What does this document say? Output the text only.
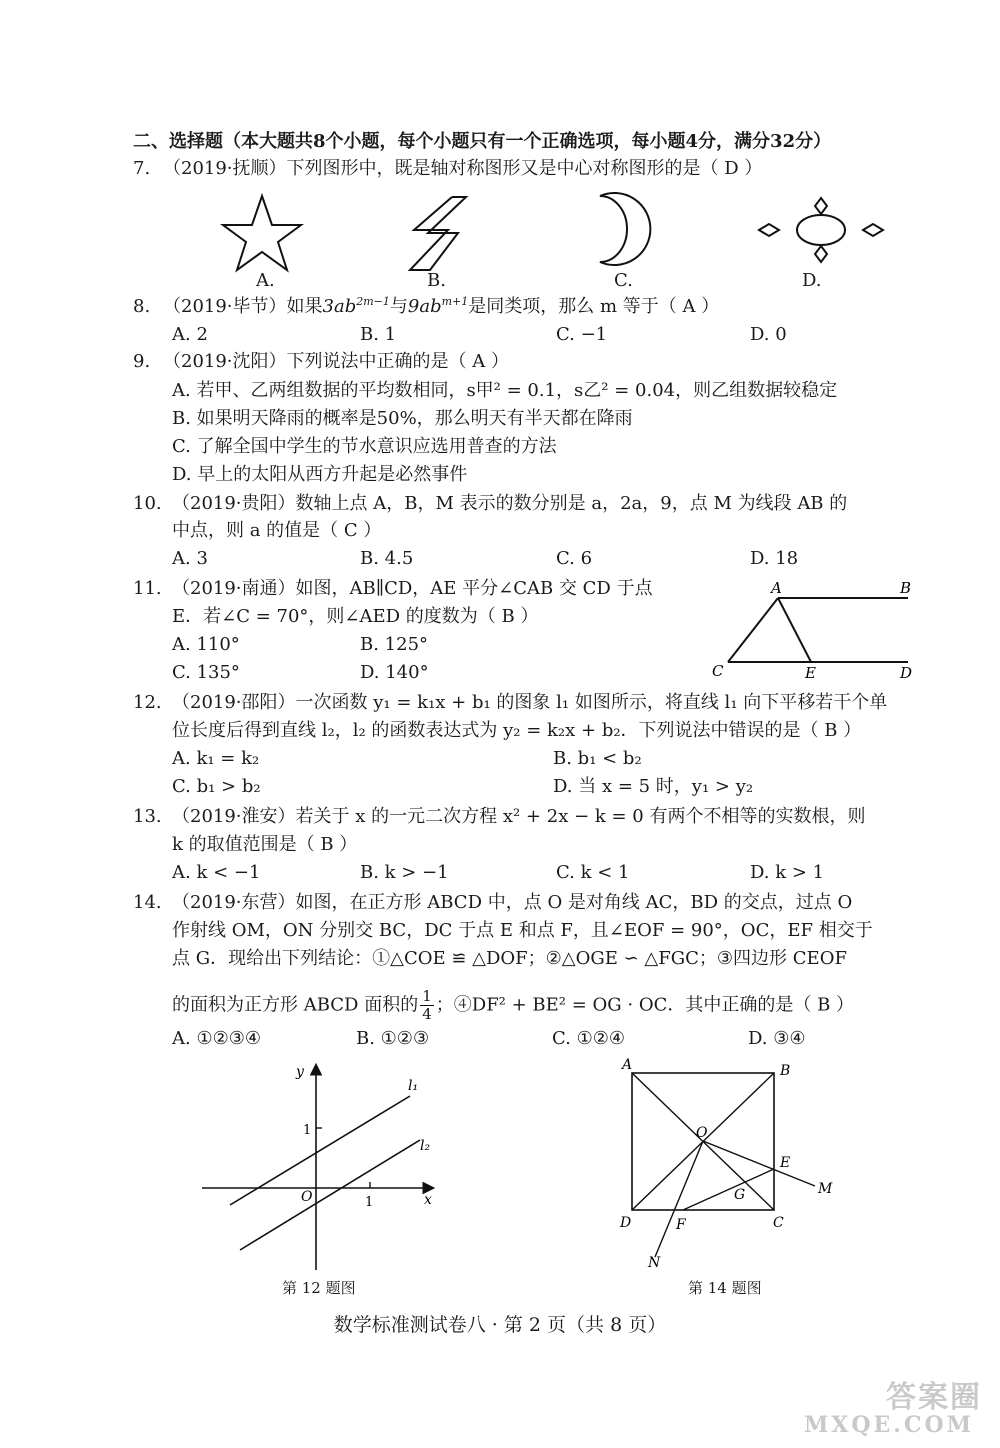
二、选择题（本大题共8个小题，每个小题只有一个正确选项，每小题4分，满分32分）
7. （2019·抚顺）下列图形中，既是轴对称图形又是中心对称图形的是（ D ）
A.	B.	C.	D.
8. （2019·毕节）如果$3ab^{2m-1}$与$9ab^{m+1}$是同类项，那么 m 等于（ A ）
A. 2	B. 1	C. −1	D. 0
9. （2019·沈阳）下列说法中正确的是（ A ）
A. 若甲、乙两组数据的平均数相同，s甲² = 0.1，s乙² = 0.04，则乙组数据较稳定
B. 如果明天降雨的概率是50%，那么明天有半天都在降雨
C. 了解全国中学生的节水意识应选用普查的方法
D. 早上的太阳从西方升起是必然事件
10. （2019·贵阳）数轴上点 A，B，M 表示的数分别是 a，2a，9，点 M 为线段 AB 的
中点，则 a 的值是（ C ）
A. 3	B. 4.5	C. 6	D. 18
11. （2019·南通）如图，AB∥CD，AE 平分∠CAB 交 CD 于点
E．若∠C = 70°，则∠AED 的度数为（ B ）
A. 110°	B. 125°
C. 135°	D. 140°
A	B
C	E	D
12. （2019·邵阳）一次函数 y₁ = k₁x + b₁ 的图象 l₁ 如图所示，将直线 l₁ 向下平移若干个单
位长度后得到直线 l₂，l₂ 的函数表达式为 y₂ = k₂x + b₂．下列说法中错误的是（ B ）
A. k₁ = k₂	B. b₁ < b₂
C. b₁ > b₂	D. 当 x = 5 时，y₁ > y₂
13. （2019·淮安）若关于 x 的一元二次方程 x² + 2x − k = 0 有两个不相等的实数根，则
k 的取值范围是（ B ）
A. k < −1	B. k > −1	C. k < 1	D. k > 1
14. （2019·东营）如图，在正方形 ABCD 中，点 O 是对角线 AC，BD 的交点，过点 O
作射线 OM，ON 分别交 BC，DC 于点 E 和点 F，且∠EOF = 90°，OC，EF 相交于
点 G．现给出下列结论：①△COE ≌ △DOF；②△OGE ∽ △FGC；③四边形 CEOF
的面积为正方形 ABCD 面积的 $\frac{1}{4}$ ；④DF² + BE² = OG · OC．其中正确的是（ B ）
A. ①②③④	B. ①②③	C. ①②④	D. ③④
y
x
1
O	1
l₁
l₂
第 12 题图
A	B
C
D
O
E
F
G	M
N
第 14 题图
数学标准测试卷八 · 第 2 页（共 8 页）
答案圈
MXQE.COM
